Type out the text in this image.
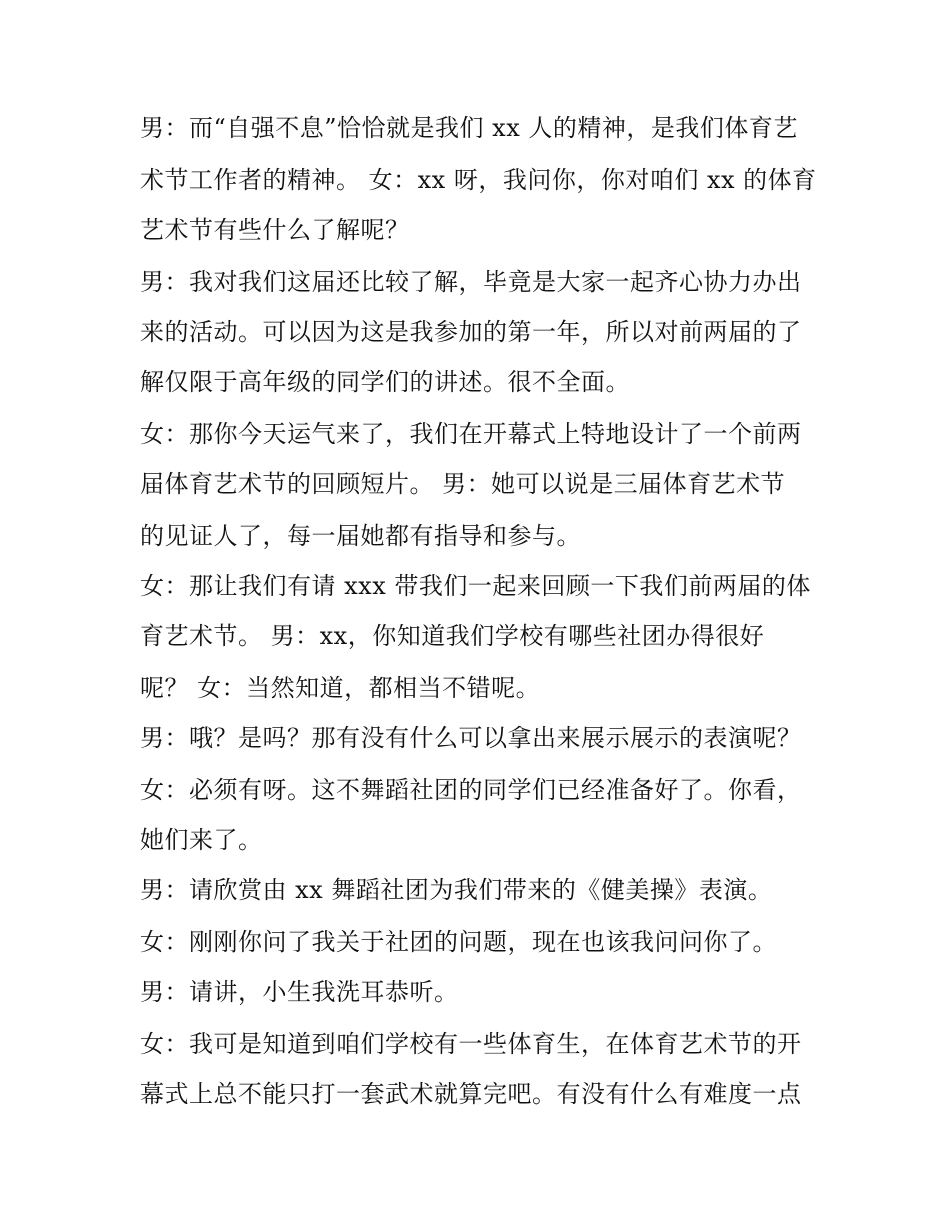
男：而“自强不息”恰恰就是我们 xx 人的精神，是我们体育艺
术节工作者的精神。 女：xx 呀，我问你，你对咱们 xx 的体育
艺术节有些什么了解呢？
男：我对我们这届还比较了解，毕竟是大家一起齐心协力办出
来的活动。可以因为这是我参加的第一年，所以对前两届的了
解仅限于高年级的同学们的讲述。很不全面。
女：那你今天运气来了，我们在开幕式上特地设计了一个前两
届体育艺术节的回顾短片。 男：她可以说是三届体育艺术节
的见证人了，每一届她都有指导和参与。
女：那让我们有请 xxx 带我们一起来回顾一下我们前两届的体
育艺术节。 男：xx，你知道我们学校有哪些社团办得很好
呢？ 女：当然知道，都相当不错呢。
男：哦？是吗？那有没有什么可以拿出来展示展示的表演呢？
女：必须有呀。这不舞蹈社团的同学们已经准备好了。你看，
她们来了。
男：请欣赏由 xx 舞蹈社团为我们带来的《健美操》表演。
女：刚刚你问了我关于社团的问题，现在也该我问问你了。
男：请讲，小生我洗耳恭听。
女：我可是知道到咱们学校有一些体育生，在体育艺术节的开
幕式上总不能只打一套武术就算完吧。有没有什么有难度一点
